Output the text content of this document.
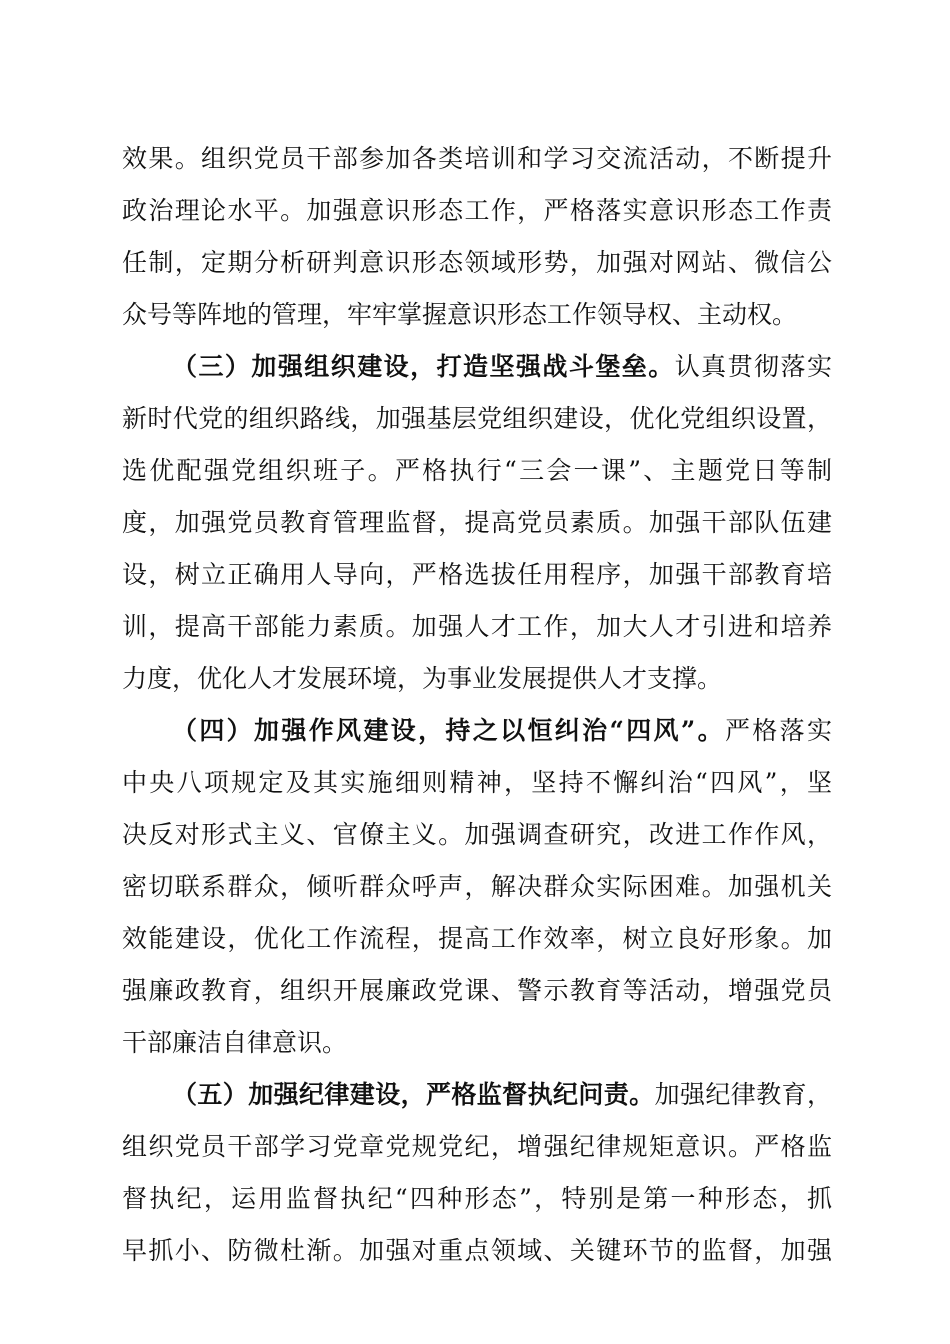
效果。组织党员干部参加各类培训和学习交流活动，不断提升
政治理论水平。加强意识形态工作，严格落实意识形态工作责
任制，定期分析研判意识形态领域形势，加强对网站、微信公
众号等阵地的管理，牢牢掌握意识形态工作领导权、主动权。
（三）加强组织建设，打造坚强战斗堡垒。认真贯彻落实
新时代党的组织路线，加强基层党组织建设，优化党组织设置，
选优配强党组织班子。严格执行“三会一课”、主题党日等制
度，加强党员教育管理监督，提高党员素质。加强干部队伍建
设，树立正确用人导向，严格选拔任用程序，加强干部教育培
训，提高干部能力素质。加强人才工作，加大人才引进和培养
力度，优化人才发展环境，为事业发展提供人才支撑。
（四）加强作风建设，持之以恒纠治“四风”。严格落实
中央八项规定及其实施细则精神，坚持不懈纠治“四风”，坚
决反对形式主义、官僚主义。加强调查研究，改进工作作风，
密切联系群众，倾听群众呼声，解决群众实际困难。加强机关
效能建设，优化工作流程，提高工作效率，树立良好形象。加
强廉政教育，组织开展廉政党课、警示教育等活动，增强党员
干部廉洁自律意识。
（五）加强纪律建设，严格监督执纪问责。加强纪律教育，
组织党员干部学习党章党规党纪，增强纪律规矩意识。严格监
督执纪，运用监督执纪“四种形态”，特别是第一种形态，抓
早抓小、防微杜渐。加强对重点领域、关键环节的监督，加强
